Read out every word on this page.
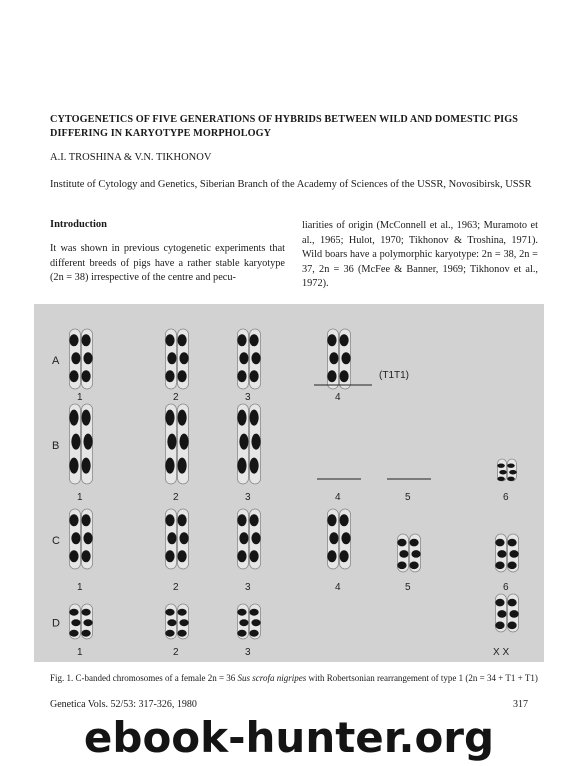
CYTOGENETICS OF FIVE GENERATIONS OF HYBRIDS BETWEEN WILD AND DOMESTIC PIGS DIFFERING IN KARYOTYPE MORPHOLOGY
A.I. TROSHINA & V.N. TIKHONOV
Institute of Cytology and Genetics, Siberian Branch of the Academy of Sciences of the USSR, Novosibirsk, USSR
Introduction
It was shown in previous cytogenetic experiments that different breeds of pigs have a rather stable karyotype (2n = 38) irrespective of the centre and pecu-
liarities of origin (McConnell et al., 1963; Muramoto et al., 1965; Hulot, 1970; Tikhonov & Troshina, 1971). Wild boars have a polymorphic karyotype: 2n = 38, 2n = 37, 2n = 36 (McFee & Banner, 1969; Tikhonov et al., 1972).
A
B
C
D
1	2	3	4
(T1T1)
1	2	3	4	5	6
1	2	3	4	5	6
1	2	3	X X
Fig. 1. C-banded chromosomes of a female 2n = 36 Sus scrofa nigripes with Robertsonian rearrangement of type 1 (2n = 34 + T1 + T1)
Genetica Vols. 52/53: 317-326, 1980	317
ebook-hunter.org
